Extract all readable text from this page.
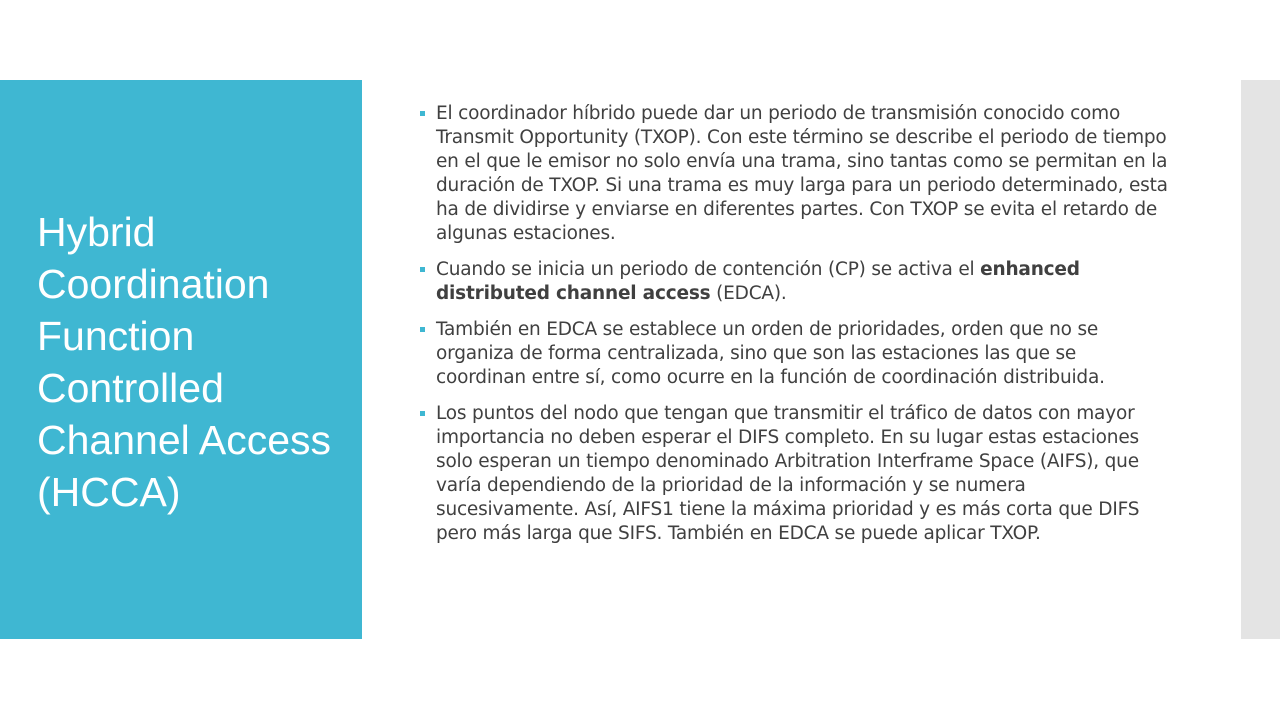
Hybrid Coordination Function Controlled Channel Access (HCCA)
El coordinador híbrido puede dar un periodo de transmisión conocido como Transmit Opportunity (TXOP). Con este término se describe el periodo de tiempo en el que le emisor no solo envía una trama, sino tantas como se permitan en la duración de TXOP. Si una trama es muy larga para un periodo determinado, esta ha de dividirse y enviarse en diferentes partes. Con TXOP se evita el retardo de algunas estaciones.
Cuando se inicia un periodo de contención (CP) se activa el enhanced distributed channel access (EDCA).
También en EDCA se establece un orden de prioridades, orden que no se organiza de forma centralizada, sino que son las estaciones las que se coordinan entre sí, como ocurre en la función de coordinación distribuida.
Los puntos del nodo que tengan que transmitir el tráfico de datos con mayor importancia no deben esperar el DIFS completo. En su lugar estas estaciones solo esperan un tiempo denominado Arbitration Interframe Space (AIFS), que varía dependiendo de la prioridad de la información y se numera sucesivamente. Así, AIFS1 tiene la máxima prioridad y es más corta que DIFS pero más larga que SIFS. También en EDCA se puede aplicar TXOP.
